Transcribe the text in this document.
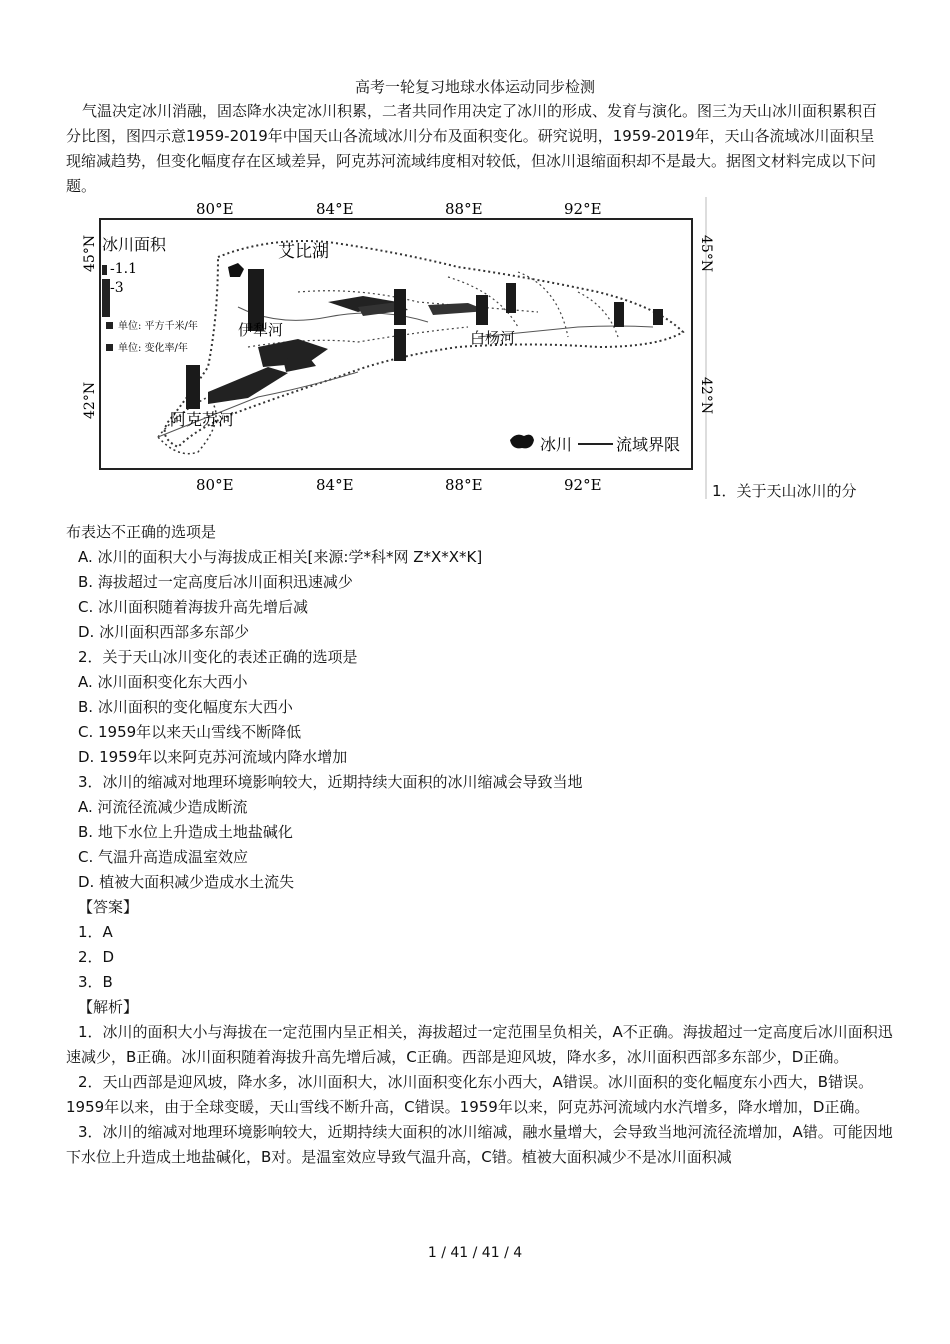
高考一轮复习地球水体运动同步检测
气温决定冰川消融，固态降水决定冰川积累，二者共同作用决定了冰川的形成、发育与演化。图三为天山冰川面积累积百分比图，图四示意1959-2019年中国天山各流域冰川分布及面积变化。研究说明，1959-2019年，天山各流域冰川面积呈现缩减趋势，但变化幅度存在区域差异，阿克苏河流域纬度相对较低，但冰川退缩面积却不是最大。据图文材料完成以下问题。
80°E	84°E	88°E	92°E
80°E	84°E	88°E	92°E
45°N
42°N
45°N
42°N
冰川面积
-1.1
-3
单位: 平方千米/年
单位: 变化率/年
艾比湖
伊犁河	白杨河
阿克苏河
冰川	流域界限
1．关于天山冰川的分
布表达不正确的选项是
A. 冰川的面积大小与海拔成正相关[来源:学*科*网 Z*X*X*K]
B. 海拔超过一定高度后冰川面积迅速减少
C. 冰川面积随着海拔升高先增后减
D. 冰川面积西部多东部少
2．关于天山冰川变化的表述正确的选项是
A. 冰川面积变化东大西小
B. 冰川面积的变化幅度东大西小
C. 1959年以来天山雪线不断降低
D. 1959年以来阿克苏河流域内降水增加
3．冰川的缩减对地理环境影响较大，近期持续大面积的冰川缩减会导致当地
A. 河流径流减少造成断流
B. 地下水位上升造成土地盐碱化
C. 气温升高造成温室效应
D. 植被大面积减少造成水土流失
【答案】
1．A
2．D
3．B
【解析】

1．冰川的面积大小与海拔在一定范围内呈正相关，海拔超过一定范围呈负相关，A不正确。海拔超过一定高度后冰川面积迅速减少，B正确。冰川面积随着海拔升高先增后减，C正确。西部是迎风坡，降水多，冰川面积西部多东部少，D正确。

2．天山西部是迎风坡，降水多，冰川面积大，冰川面积变化东小西大，A错误。冰川面积的变化幅度东小西大，B错误。1959年以来，由于全球变暖，天山雪线不断升高，C错误。1959年以来，阿克苏河流域内水汽增多，降水增加，D正确。

3．冰川的缩减对地理环境影响较大，近期持续大面积的冰川缩减，融水量增大，会导致当地河流径流增加，A错。可能因地下水位上升造成土地盐碱化，B对。是温室效应导致气温升高，C错。植被大面积减少不是冰川面积减

1 / 41 / 41 / 4
